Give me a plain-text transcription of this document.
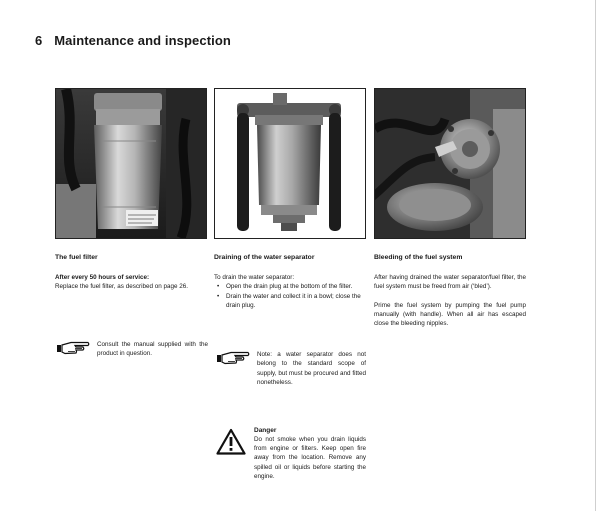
6 Maintenance and inspection

The fuel filter

After every 50 hours of service:

Replace the fuel filter, as described on page 26.

Consult the manual supplied with the product in question.

Draining of the water separator

To drain the water separator:

• Open the drain plug at the bottom of the filter.
• Drain the water and collect it in a bowl; close the drain plug.
Note: a water separator does not belong to the standard scope of supply, but must be procured and fitted nonetheless.
Danger
Do not smoke when you drain liquids from engine or filters. Keep open fire away from the location. Remove any spilled oil or liquids before starting the engine.

Bleeding of the fuel system

After having drained the water separator/fuel filter, the fuel system must be freed from air (‘bled’).

Prime the fuel system by pumping the fuel pump manually (with handle). When all air has escaped close the bleeding nipples.
